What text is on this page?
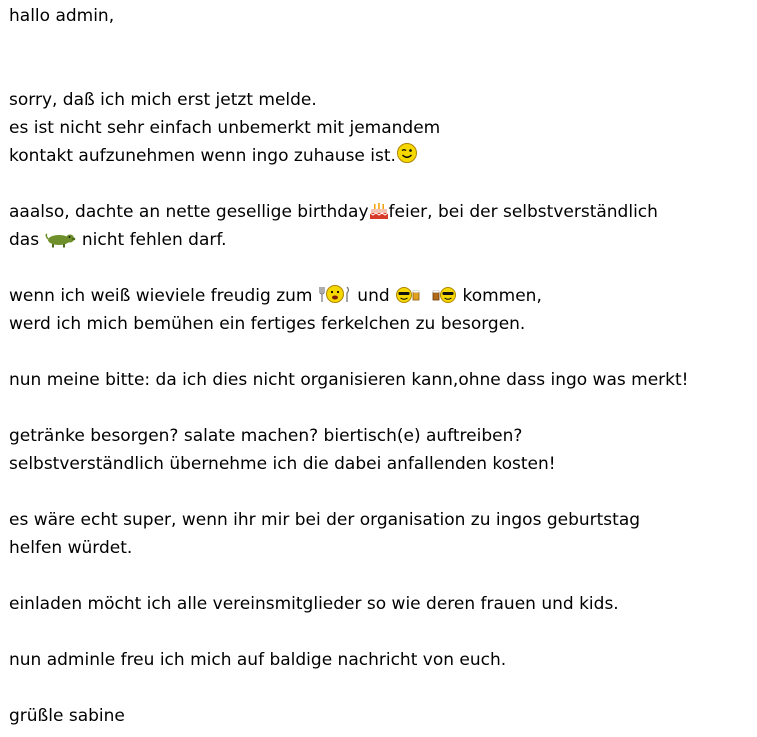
hallo admin,
sorry, daß ich mich erst jetzt melde.
es ist nicht sehr einfach unbemerkt mit jemandem
kontakt aufzunehmen wenn ingo zuhause ist.
aaalso, dachte an nette gesellige birthday feier, bei der selbstverständlich
das
nicht fehlen darf.
wenn ich weiß wieviele freudig zum
und	kommen,
werd ich mich bemühen ein fertiges ferkelchen zu besorgen.
nun meine bitte: da ich dies nicht organisieren kann,ohne dass ingo was merkt!
getränke besorgen? salate machen? biertisch(e) auftreiben?
selbstverständlich übernehme ich die dabei anfallenden kosten!
es wäre echt super, wenn ihr mir bei der organisation zu ingos geburtstag
helfen würdet.
einladen möcht ich alle vereinsmitglieder so wie deren frauen und kids.
nun adminle freu ich mich auf baldige nachricht von euch.
grüßle sabine
